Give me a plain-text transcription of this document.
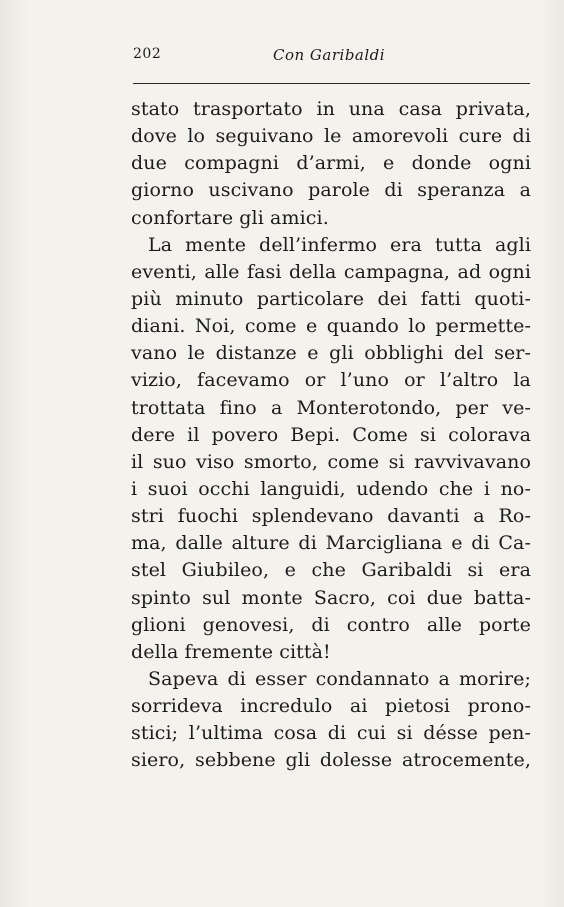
202	Con Garibaldi
stato trasportato in una casa privata,
dove lo seguivano le amorevoli cure di
due compagni d’armi, e donde ogni
giorno uscivano parole di speranza a
confortare gli amici.
La mente dell’infermo era tutta agli
eventi, alle fasi della campagna, ad ogni
più minuto particolare dei fatti quoti-
diani. Noi, come e quando lo permette-
vano le distanze e gli obblighi del ser-
vizio, facevamo or l’uno or l’altro la
trottata fino a Monterotondo, per ve-
dere il povero Bepi. Come si colorava
il suo viso smorto, come si ravvivavano
i suoi occhi languidi, udendo che i no-
stri fuochi splendevano davanti a Ro-
ma, dalle alture di Marcigliana e di Ca-
stel Giubileo, e che Garibaldi si era
spinto sul monte Sacro, coi due batta-
glioni genovesi, di contro alle porte
della fremente città!
Sapeva di esser condannato a morire;
sorrideva incredulo ai pietosi prono-
stici; l’ultima cosa di cui si désse pen-
siero, sebbene gli dolesse atrocemente,
